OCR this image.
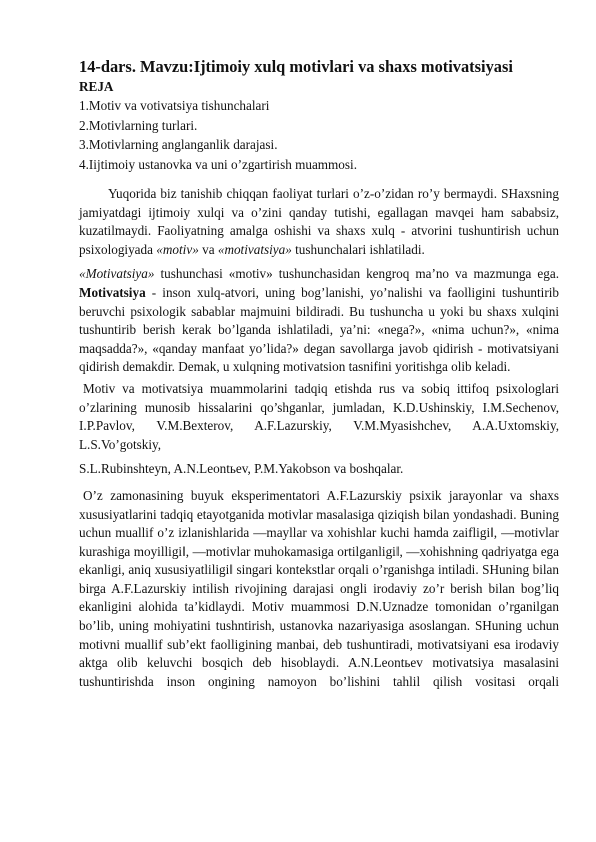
14-dars. Mavzu:Ijtimoiy xulq motivlari va shaxs motivatsiyasi
REJA
1.Motiv va votivatsiya tishunchalari
2.Motivlarning turlari.
3.Motivlarning anglanganlik darajasi.
4.Iijtimoiy ustanovka va uni o’zgartirish muammosi.

Yuqorida biz tanishib chiqqan faoliyat turlari o’z-o’zidan ro’y bermaydi. SHaxsning jamiyatdagi ijtimoiy xulqi va o’zini qanday tutishi, egallagan mavqei ham sababsiz, kuzatilmaydi. Faoliyatning amalga oshishi va shaxs xulq - atvorini tushuntirish uchun psixologiyada «motiv» va «motivatsiya» tushunchalari ishlatiladi.

«Motivatsiya» tushunchasi «motiv» tushunchasidan kengroq ma’no va mazmunga ega. Motivatsiya - inson xulq-atvori, uning bog’lanishi, yo’nalishi va faolligini tushuntirib beruvchi psixologik sabablar majmuini bildiradi. Bu tushuncha u yoki bu shaxs xulqini tushuntirib berish kerak bo’lganda ishlatiladi, ya’ni: «nega?», «nima uchun?», «nima maqsadda?», «qanday manfaat yo’lida?» degan savollarga javob qidirish - motivatsiyani qidirish demakdir. Demak, u xulqning motivatsion tasnifini yoritishga olib keladi.

Motiv va motivatsiya muammolarini tadqiq etishda rus va sobiq ittifoq psixologlari o’zlarining munosib hissalarini qo’shganlar, jumladan, K.D.Ushinskiy, I.M.Sechenov, I.P.Pavlov, V.M.Bexterov, A.F.Lazurskiy, V.M.Myasishchev, A.A.Uxtomskiy, L.S.Vo’gotskiy,

S.L.Rubinshteyn, A.N.Leontьev, P.M.Yakobson va boshqalar.

O’z zamonasining buyuk eksperimentatori A.F.Lazurskiy psixik jarayonlar va shaxs xususiyatlarini tadqiq etayotganida motivlar masalasiga qiziqish bilan yondashadi. Buning uchun muallif o’z izlanishlarida ―mayllar va xohishlar kuchi hamda zaifligi‖, ―motivlar kurashiga moyilligi‖, ―motivlar muhokamasiga ortilganligi‖, ―xohishning qadriyatga ega ekanligi, aniq xususiyatliligi‖ singari kontekstlar orqali o’rganishga intiladi. SHuning bilan birga A.F.Lazurskiy intilish rivojining darajasi ongli irodaviy zo’r berish bilan bog’liq ekanligini alohida ta’kidlaydi. Motiv muammosi D.N.Uznadze tomonidan o’rganilgan bo’lib, uning mohiyatini tushntirish, ustanovka nazariyasiga asoslangan. SHuning uchun motivni muallif sub’ekt faolligining manbai, deb tushuntiradi, motivatsiyani esa irodaviy aktga olib keluvchi bosqich deb hisoblaydi. A.N.Leontьev motivatsiya masalasini tushuntirishda inson ongining namoyon bo’lishini tahlil qilish vositasi orqali
